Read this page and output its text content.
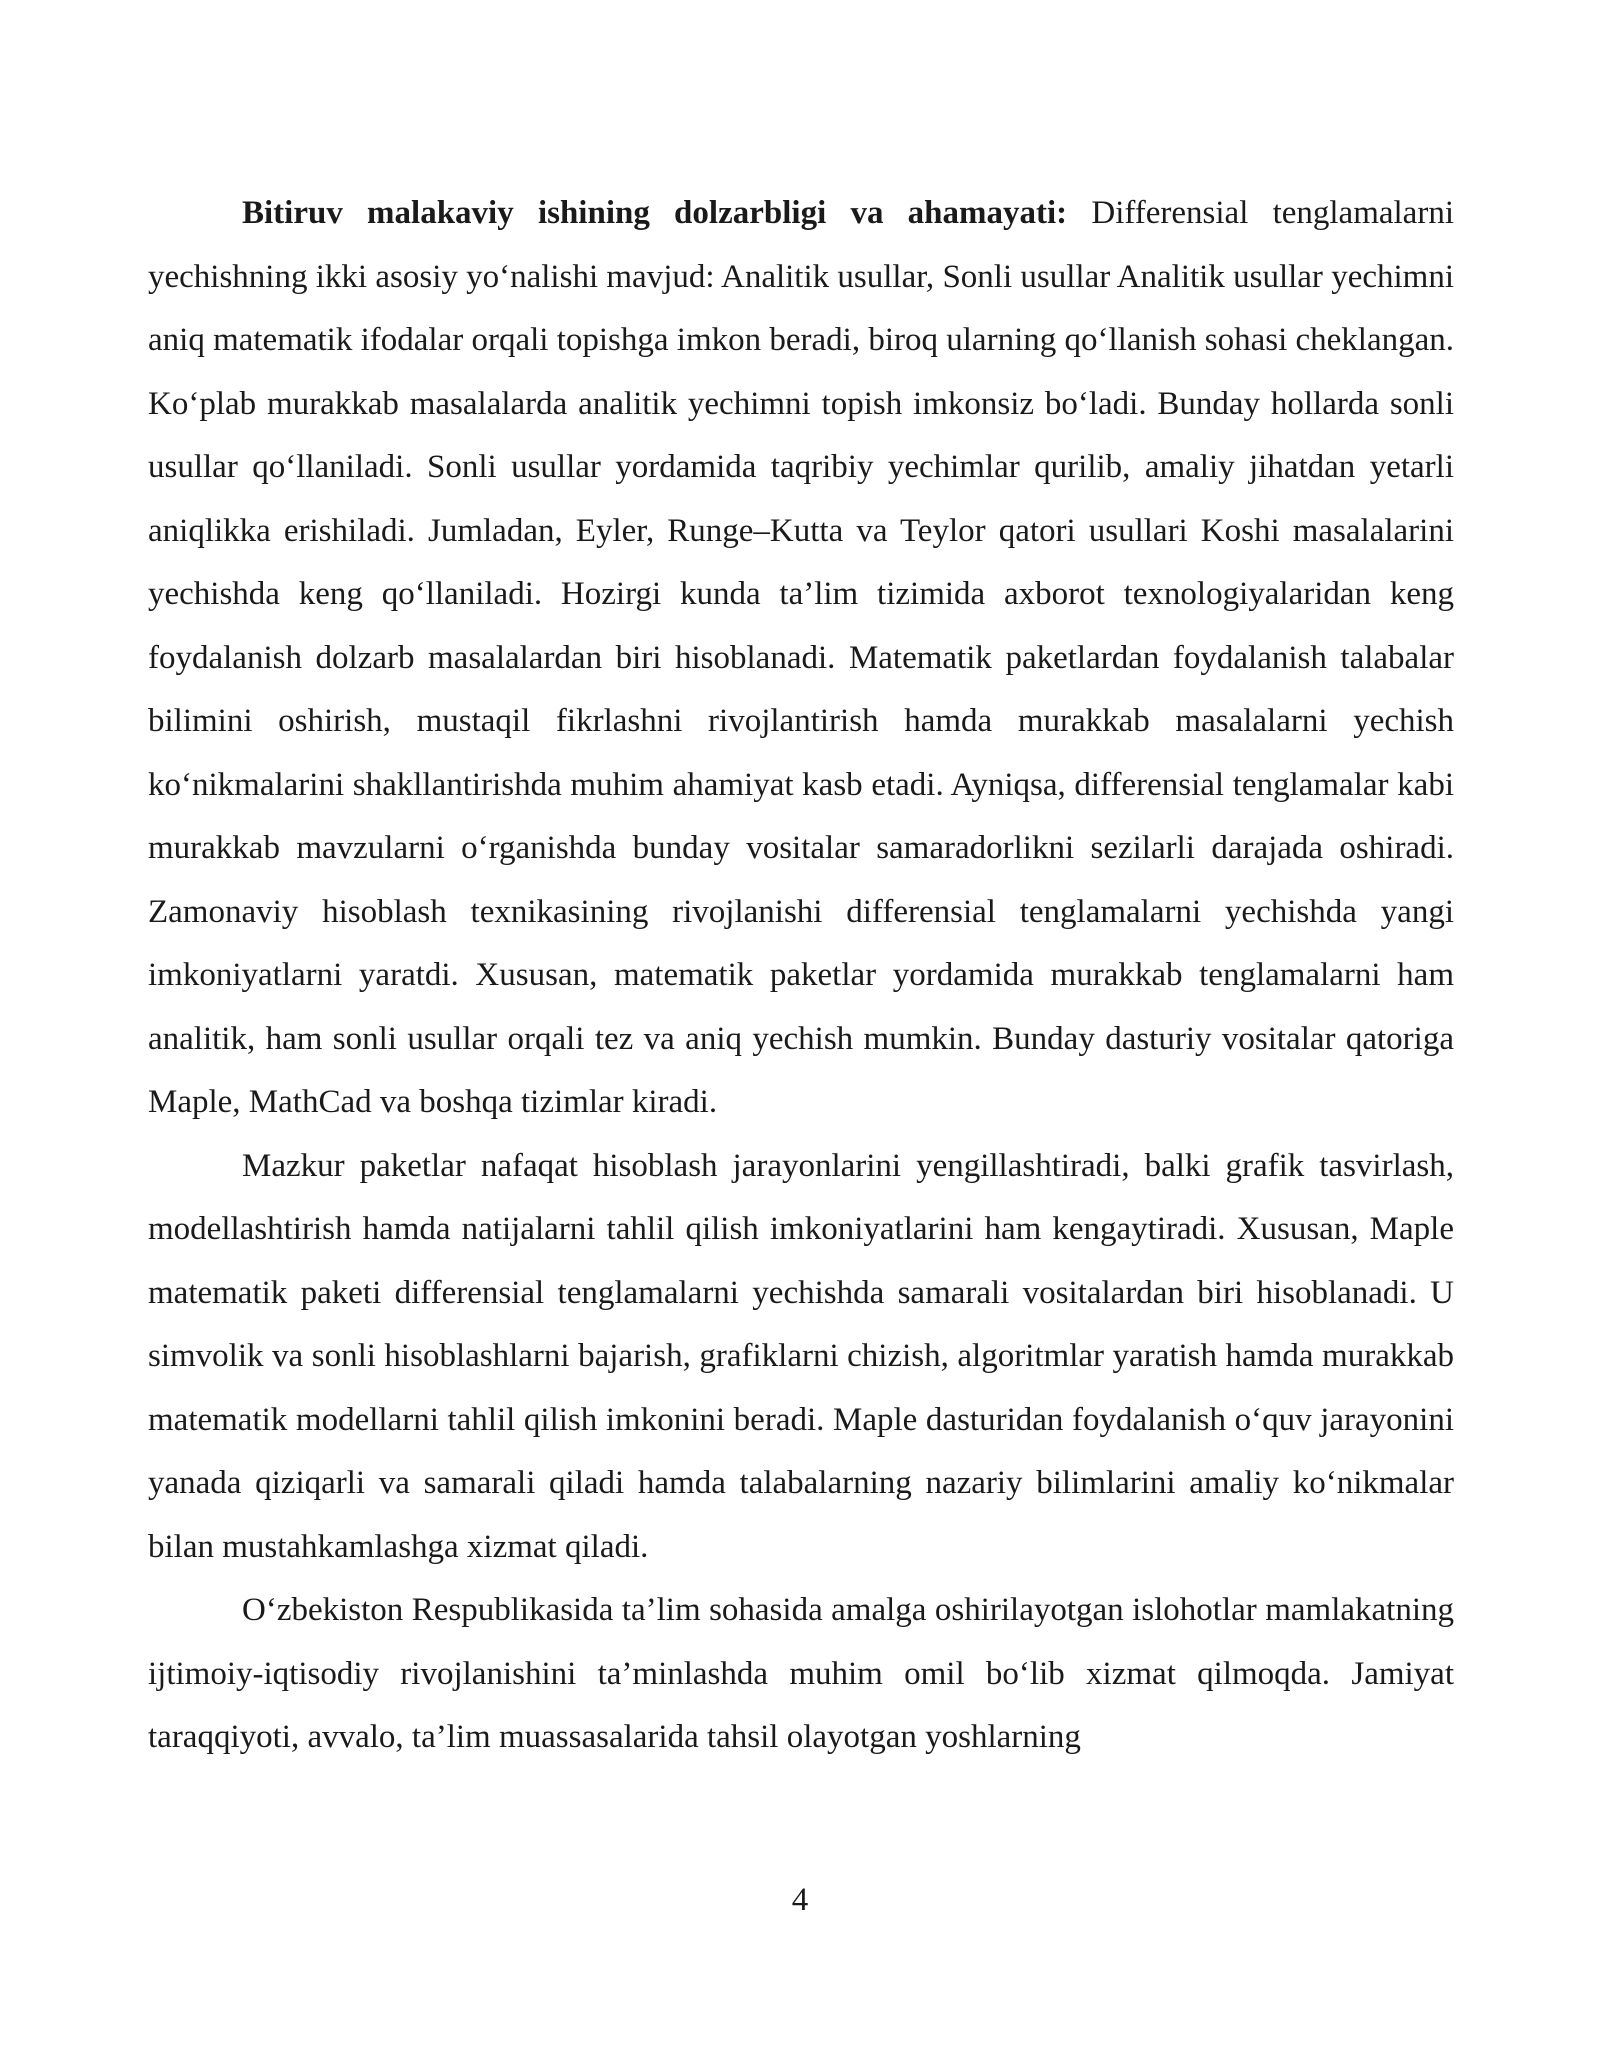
Bitiruv malakaviy ishining dolzarbligi va ahamayati: Differensial tenglamalarni yechishning ikki asosiy yo‘nalishi mavjud: Analitik usullar, Sonli usullar Analitik usullar yechimni aniq matematik ifodalar orqali topishga imkon beradi, biroq ularning qo‘llanish sohasi cheklangan. Ko‘plab murakkab masalalarda analitik yechimni topish imkonsiz bo‘ladi. Bunday hollarda sonli usullar qo‘llaniladi. Sonli usullar yordamida taqribiy yechimlar qurilib, amaliy jihatdan yetarli aniqlikka erishiladi. Jumladan, Eyler, Runge–Kutta va Teylor qatori usullari Koshi masalalarini yechishda keng qo‘llaniladi. Hozirgi kunda ta’lim tizimida axborot texnologiyalaridan keng foydalanish dolzarb masalalardan biri hisoblanadi. Matematik paketlardan foydalanish talabalar bilimini oshirish, mustaqil fikrlashni rivojlantirish hamda murakkab masalalarni yechish ko‘nikmalarini shakllantirishda muhim ahamiyat kasb etadi. Ayniqsa, differensial tenglamalar kabi murakkab mavzularni o‘rganishda bunday vositalar samaradorlikni sezilarli darajada oshiradi. Zamonaviy hisoblash texnikasining rivojlanishi differensial tenglamalarni yechishda yangi imkoniyatlarni yaratdi. Xususan, matematik paketlar yordamida murakkab tenglamalarni ham analitik, ham sonli usullar orqali tez va aniq yechish mumkin. Bunday dasturiy vositalar qatoriga Maple, MathCad va boshqa tizimlar kiradi.

Mazkur paketlar nafaqat hisoblash jarayonlarini yengillashtiradi, balki grafik tasvirlash, modellashtirish hamda natijalarni tahlil qilish imkoniyatlarini ham kengaytiradi. Xususan, Maple matematik paketi differensial tenglamalarni yechishda samarali vositalardan biri hisoblanadi. U simvolik va sonli hisoblashlarni bajarish, grafiklarni chizish, algoritmlar yaratish hamda murakkab matematik modellarni tahlil qilish imkonini beradi. Maple dasturidan foydalanish o‘quv jarayonini yanada qiziqarli va samarali qiladi hamda talabalarning nazariy bilimlarini amaliy ko‘nikmalar bilan mustahkamlashga xizmat qiladi.

O‘zbekiston Respublikasida ta’lim sohasida amalga oshirilayotgan islohotlar mamlakatning ijtimoiy-iqtisodiy rivojlanishini ta’minlashda muhim omil bo‘lib xizmat qilmoqda. Jamiyat taraqqiyoti, avvalo, ta’lim muassasalarida tahsil olayotgan yoshlarning

4
